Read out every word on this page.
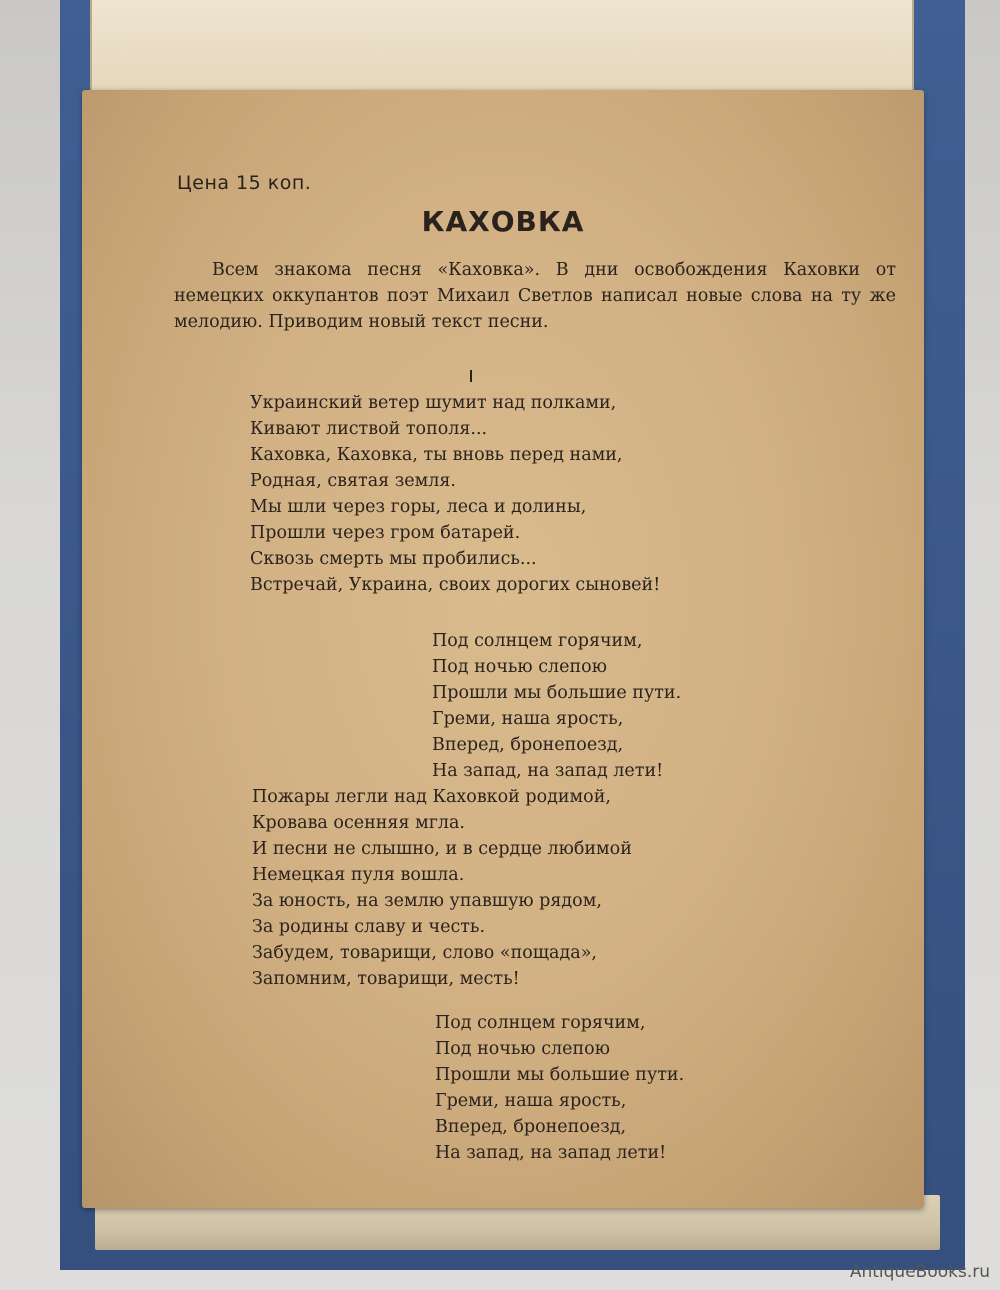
Цена 15 коп.
КАХОВКА

Всем знакома песня «Каховка». В дни освобождения Каховки от немецких оккупантов поэт Михаил Светлов написал новые слова на ту же мелодию. Приводим новый текст песни.

Украинский ветер шумит над полками,
Кивают листвой тополя...
Каховка, Каховка, ты вновь перед нами,
Родная, святая земля.
Мы шли через горы, леса и долины,
Прошли через гром батарей.
Сквозь смерть мы пробились...
Встречай, Украина, своих дорогих сыновей!
Под солнцем горячим,
Под ночью слепою
Прошли мы большие пути.
Греми, наша ярость,
Вперед, бронепоезд,
На запад, на запад лети!
Пожары легли над Каховкой родимой,
Кровава осенняя мгла.
И песни не слышно, и в сердце любимой
Немецкая пуля вошла.
За юность, на землю упавшую рядом,
За родины славу и честь.
Забудем, товарищи, слово «пощада»,
Запомним, товарищи, месть!
Под солнцем горячим,
Под ночью слепою
Прошли мы большие пути.
Греми, наша ярость,
Вперед, бронепоезд,
На запад, на запад лети!
AntiqueBooks.ru
